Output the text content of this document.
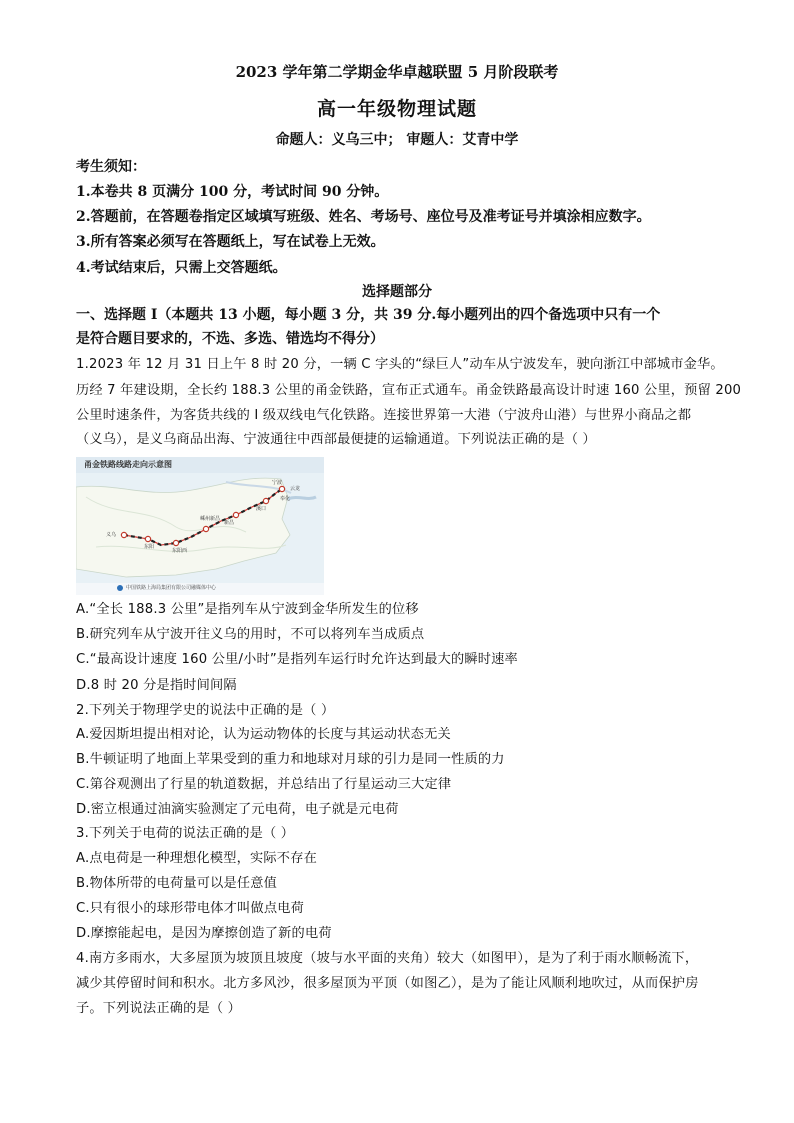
2023 学年第二学期金华卓越联盟 5 月阶段联考
高一年级物理试题
命题人：义乌三中； 审题人：艾青中学
考生须知：
1.本卷共 8 页满分 100 分，考试时间 90 分钟。
2.答题前，在答题卷指定区域填写班级、姓名、考场号、座位号及准考证号并填涂相应数字。
3.所有答案必须写在答题纸上，写在试卷上无效。
4.考试结束后，只需上交答题纸。
选择题部分
一、选择题 I（本题共 13 小题，每小题 3 分，共 39 分.每小题列出的四个备选项中只有一个
是符合题目要求的，不选、多选、错选均不得分）
1.2023 年 12 月 31 日上午 8 时 20 分，一辆 C 字头的“绿巨人”动车从宁波发车，驶向浙江中部城市金华。
历经 7 年建设期，全长约 188.3 公里的甬金铁路，宣布正式通车。甬金铁路最高设计时速 160 公里，预留 200
公里时速条件，为客货共线的 I 级双线电气化铁路。连接世界第一大港（宁波舟山港）与世界小商品之都
（义乌），是义乌商品出海、宁波通往中西部最便捷的运输通道。下列说法正确的是（ ）
甬金铁路线路走向示意图
中国铁路上海局集团有限公司融媒体中心
义乌
东阳
东阳西
嵊州新昌
新昌
溪口
宁波
奉化
云龙
A.“全长 188.3 公里”是指列车从宁波到金华所发生的位移
B.研究列车从宁波开往义乌的用时，不可以将列车当成质点
C.“最高设计速度 160 公里/小时”是指列车运行时允许达到最大的瞬时速率
D.8 时 20 分是指时间间隔
2.下列关于物理学史的说法中正确的是（ ）
A.爱因斯坦提出相对论，认为运动物体的长度与其运动状态无关
B.牛顿证明了地面上苹果受到的重力和地球对月球的引力是同一性质的力
C.第谷观测出了行星的轨道数据，并总结出了行星运动三大定律
D.密立根通过油滴实验测定了元电荷，电子就是元电荷
3.下列关于电荷的说法正确的是（ ）
A.点电荷是一种理想化模型，实际不存在
B.物体所带的电荷量可以是任意值
C.只有很小的球形带电体才叫做点电荷
D.摩擦能起电，是因为摩擦创造了新的电荷
4.南方多雨水，大多屋顶为坡顶且坡度（坡与水平面的夹角）较大（如图甲），是为了利于雨水顺畅流下，
减少其停留时间和积水。北方多风沙，很多屋顶为平顶（如图乙），是为了能让风顺利地吹过，从而保护房
子。下列说法正确的是（ ）
